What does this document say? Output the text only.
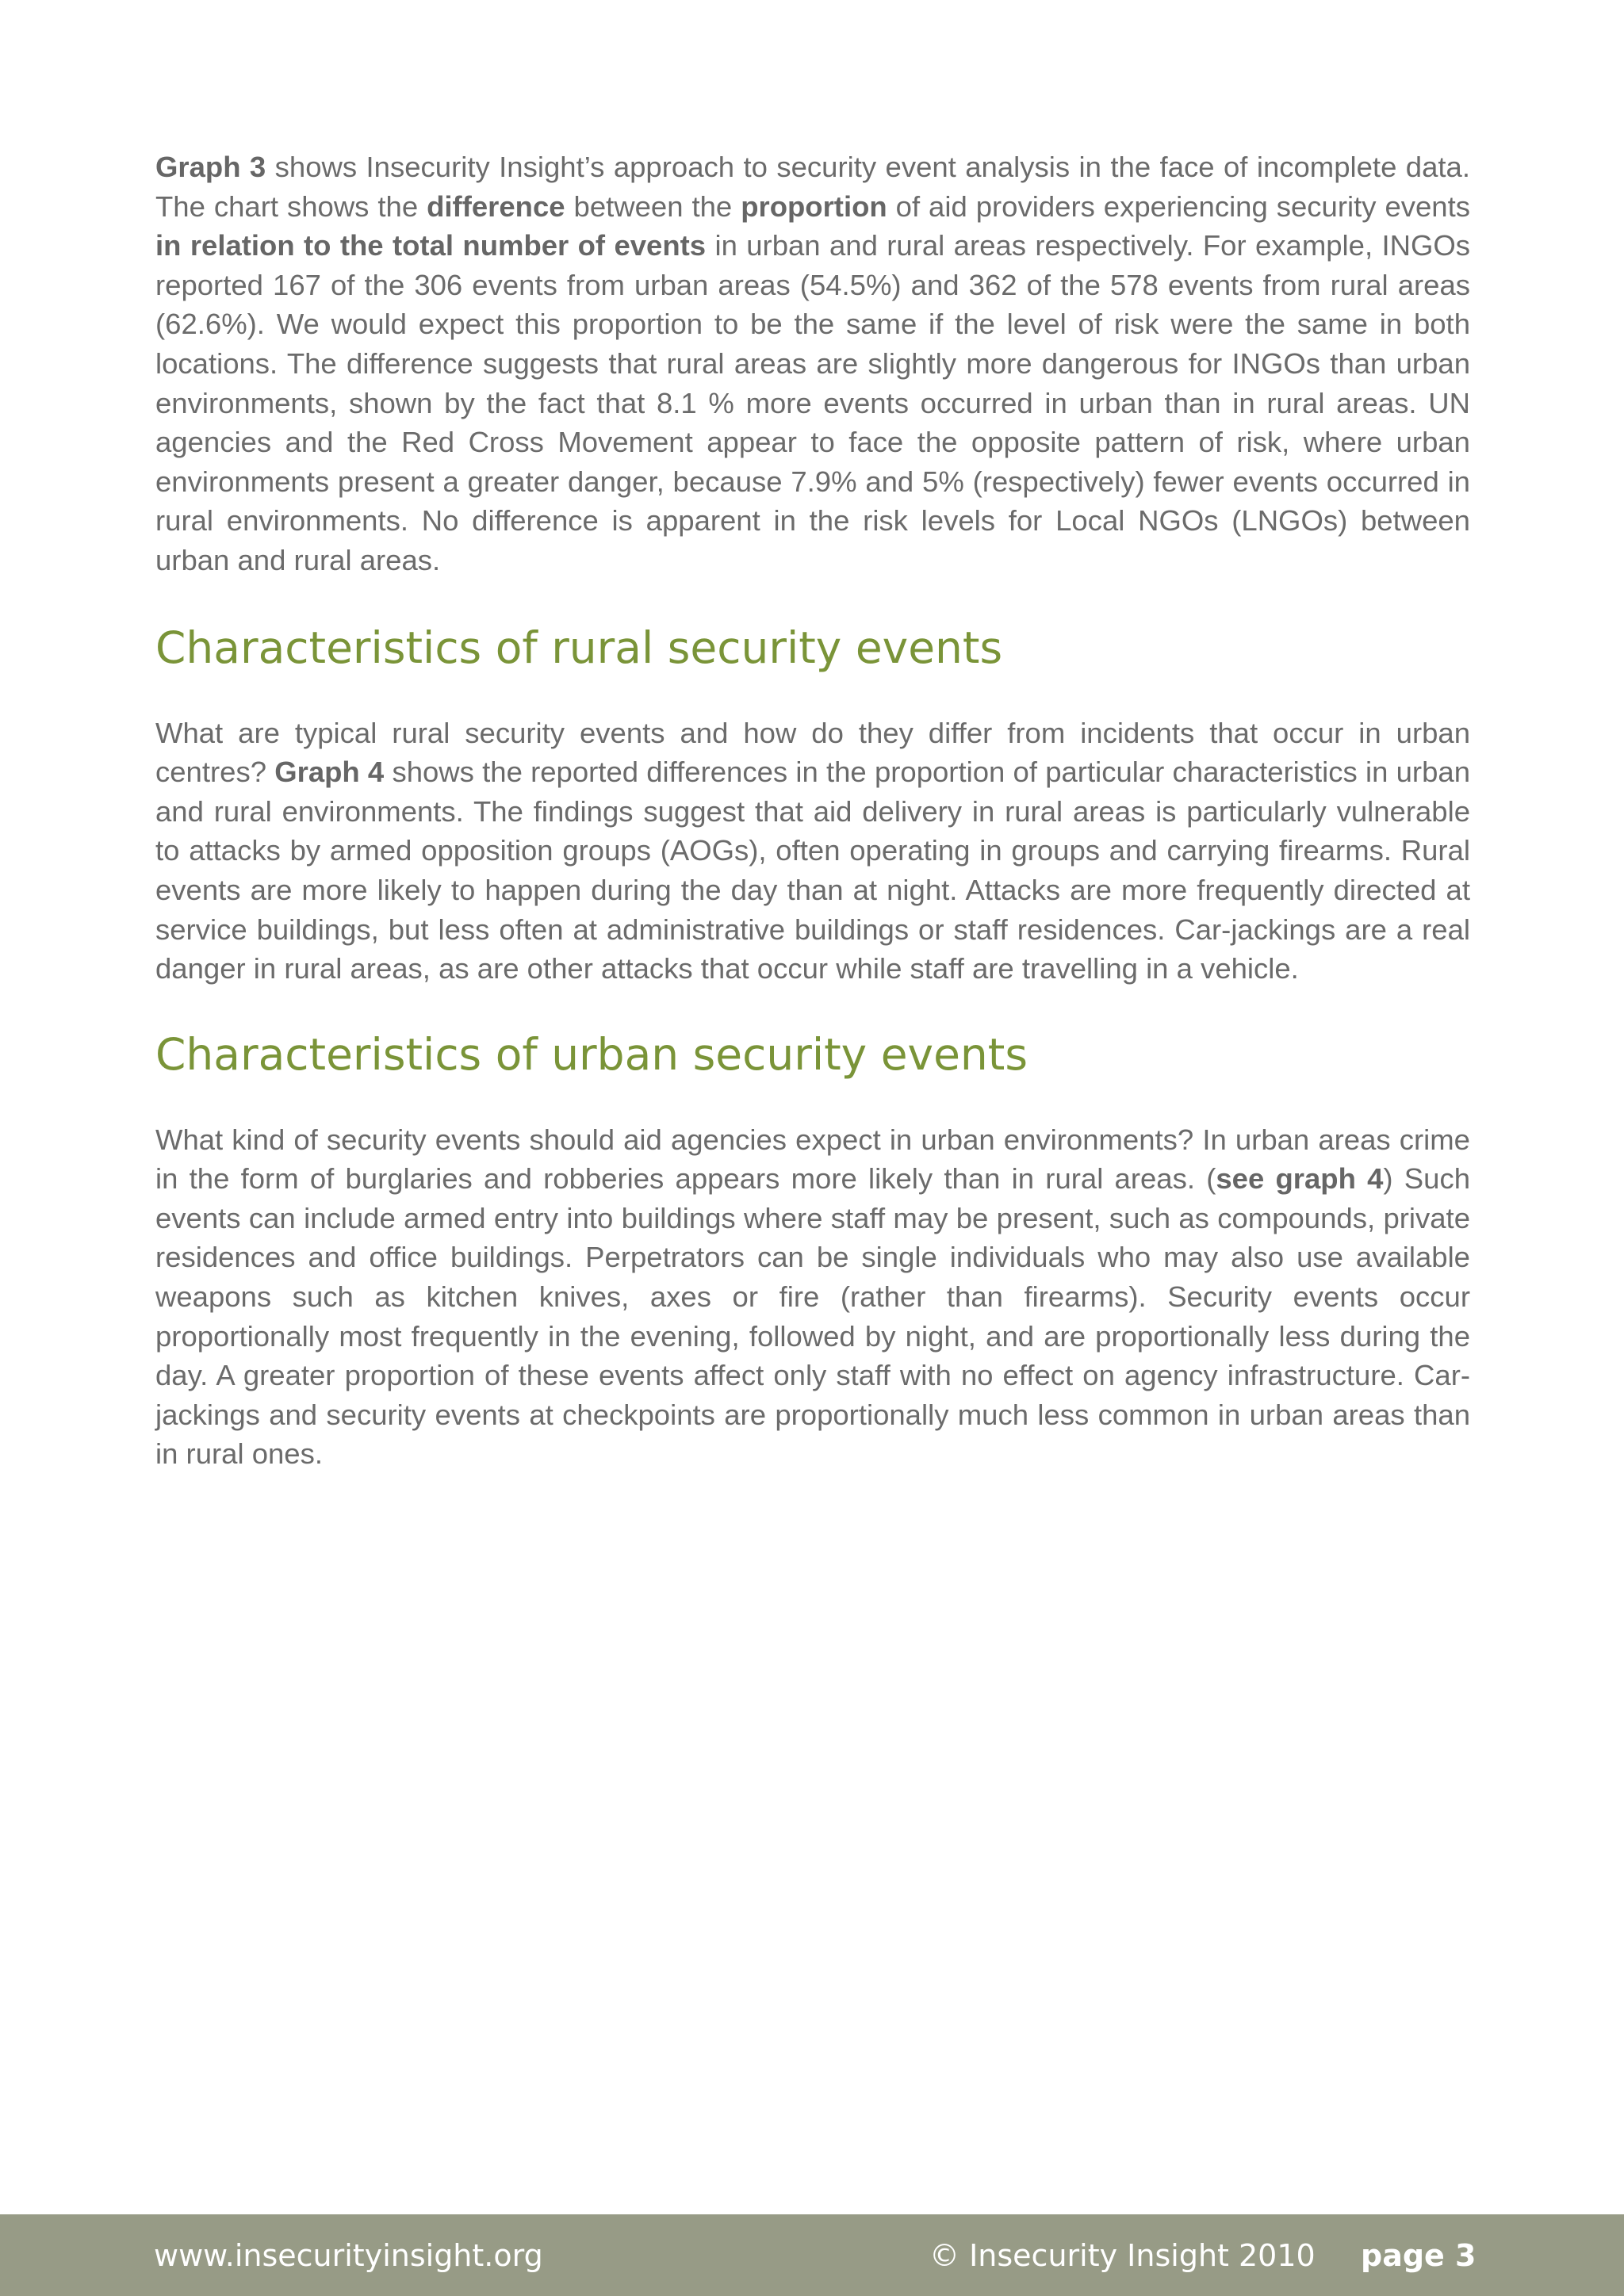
Graph 3 shows Insecurity Insight’s approach to security event analysis in the face of incomplete data. The chart shows the difference between the proportion of aid providers experiencing security events in relation to the total number of events in urban and rural areas respectively. For example, INGOs reported 167 of the 306 events from urban areas (54.5%) and 362 of the 578 events from rural areas (62.6%). We would expect this proportion to be the same if the level of risk were the same in both locations. The difference suggests that rural areas are slightly more dangerous for INGOs than urban environments, shown by the fact that 8.1 % more events occurred in urban than in rural areas. UN agencies and the Red Cross Movement appear to face the opposite pattern of risk, where urban environments present a greater danger, because 7.9% and 5% (respectively) fewer events occurred in rural environments. No difference is apparent in the risk levels for Local NGOs (LNGOs) between urban and rural areas.

Characteristics of rural security events

What are typical rural security events and how do they differ from incidents that occur in urban centres? Graph 4 shows the reported differences in the proportion of particular characteristics in urban and rural environments. The findings suggest that aid delivery in rural areas is particularly vulnerable to attacks by armed opposition groups (AOGs), often operating in groups and carrying firearms. Rural events are more likely to happen during the day than at night. Attacks are more frequently directed at service buildings, but less often at administrative buildings or staff residences. Car-jackings are a real danger in rural areas, as are other attacks that occur while staff are travelling in a vehicle.

Characteristics of urban security events

What kind of security events should aid agencies expect in urban environments? In urban areas crime in the form of burglaries and robberies appears more likely than in rural areas. (see graph 4) Such events can include armed entry into buildings where staff may be present, such as compounds, private residences and office buildings. Perpetrators can be single individuals who may also use available weapons such as kitchen knives, axes or fire (rather than firearms). Security events occur proportionally most frequently in the evening, followed by night, and are proportionally less during the day. A greater proportion of these events affect only staff with no effect on agency infrastructure. Car-jackings and security events at checkpoints are proportionally much less common in urban areas than in rural ones.

www.insecurityinsight.org	© Insecurity Insight 2010 page 3
